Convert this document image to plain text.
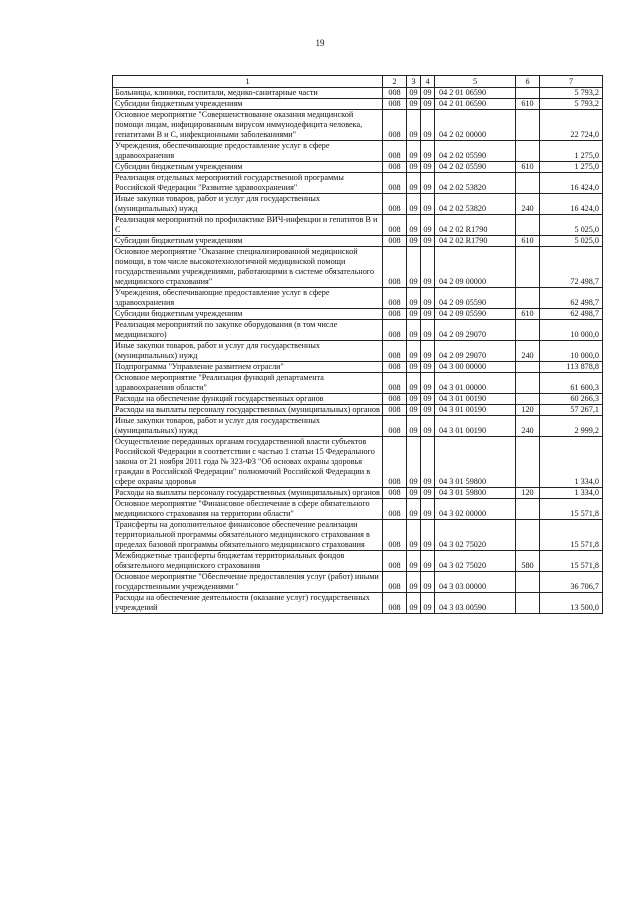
19
1	2	3	4	5	6	7
Больницы, клиники, госпитали, медико-санитарные части	008	09	09	04 2 01 06590		5 793,2
Субсидии бюджетным учреждениям	008	09	09	04 2 01 06590	610	5 793,2
Основное мероприятие "Совершенствование оказания медицинской помощи лицам, инфицированным вирусом иммунодефицита человека, гепатитами В и С, инфекционными заболеваниями"	008	09	09	04 2 02 00000		22 724,0
Учреждения, обеспечивающие предоставление услуг в сфере здравоохранения	008	09	09	04 2 02 05590		1 275,0
Субсидии бюджетным учреждениям	008	09	09	04 2 02 05590	610	1 275,0
Реализация отдельных мероприятий государственной программы Российской Федерации "Развитие здравоохранения"	008	09	09	04 2 02 53820		16 424,0
Иные закупки товаров, работ и услуг для государственных (муниципальных) нужд	008	09	09	04 2 02 53820	240	16 424,0
Реализация мероприятий по профилактике ВИЧ-инфекции и гепатитов В и С	008	09	09	04 2 02 R1790		5 025,0
Субсидии бюджетным учреждениям	008	09	09	04 2 02 R1790	610	5 025,0
Основное мероприятие "Оказание специализированной медицинской помощи, в том числе высокотехнологичной медицинской помощи государственными учреждениями, работающими в системе обязательного медицинского страхования"	008	09	09	04 2 09 00000		72 498,7
Учреждения, обеспечивающие предоставление услуг в сфере здравоохранения	008	09	09	04 2 09 05590		62 498,7
Субсидии бюджетным учреждениям	008	09	09	04 2 09 05590	610	62 498,7
Реализация мероприятий по закупке оборудования (в том числе медицинского)	008	09	09	04 2 09 29070		10 000,0
Иные закупки товаров, работ и услуг для государственных (муниципальных) нужд	008	09	09	04 2 09 29070	240	10 000,0
Подпрограмма "Управление развитием отрасли"	008	09	09	04 3 00 00000		113 878,8
Основное мероприятие "Реализация функций департамента здравоохранения области"	008	09	09	04 3 01 00000		61 600,3
Расходы на обеспечение функций государственных органов	008	09	09	04 3 01 00190		60 266,3
Расходы на выплаты персоналу государственных (муниципальных) органов	008	09	09	04 3 01 00190	120	57 267,1
Иные закупки товаров, работ и услуг для государственных (муниципальных) нужд	008	09	09	04 3 01 00190	240	2 999,2
Осуществление переданных органам государственной власти субъектов Российской Федерации в соответствии с частью 1 статьи 15 Федерального закона от 21 ноября 2011 года № 323-ФЗ "Об основах охраны здоровья граждан в Российской Федерации" полномочий Российской Федерации в сфере охраны здоровья	008	09	09	04 3 01 59800		1 334,0
Расходы на выплаты персоналу государственных (муниципальных) органов	008	09	09	04 3 01 59800	120	1 334,0
Основное мероприятие "Финансовое обеспечение в сфере обязательного медицинского страхования на территории области"	008	09	09	04 3 02 00000		15 571,8
Трансферты на дополнительное финансовое обеспечение реализации территориальной программы обязательного медицинского страхования в пределах базовой программы обязательного медицинского страхования	008	09	09	04 3 02 75020		15 571,8
Межбюджетные трансферты бюджетам территориальных фондов обязательного медицинского страхования	008	09	09	04 3 02 75020	580	15 571,8
Основное мероприятие "Обеспечение предоставления услуг (работ) иными государственными учреждениями "	008	09	09	04 3 03 00000		36 706,7
Расходы на обеспечение деятельности (оказание услуг) государственных учреждений	008	09	09	04 3 03 00590		13 500,0
